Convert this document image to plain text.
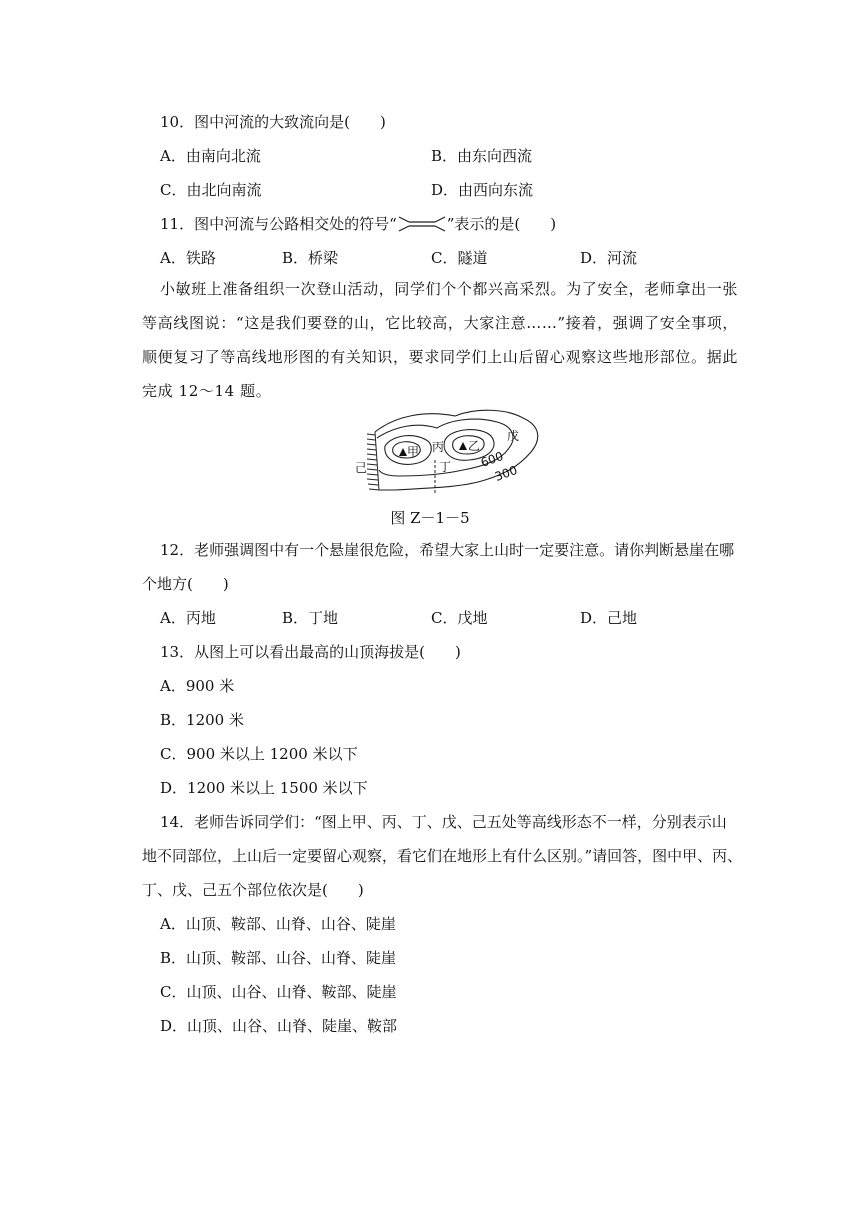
10．图中河流的大致流向是(　　)
A．由南向北流	B．由东向西流
C．由北向南流	D．由西向东流
11．图中河流与公路相交处的符号“	”表示的是(　　)
A．铁路	B．桥梁	C．隧道	D．河流
小敏班上准备组织一次登山活动，同学们个个都兴高采烈。为了安全，老师拿出一张等高线图说：“这是我们要登的山，它比较高，大家注意……”接着，强调了安全事项，顺便复习了等高线地形图的有关知识，要求同学们上山后留心观察这些地形部位。据此完成 12～14 题。
甲	乙
丙
丁
戊
己	600
300
图 Z－1－5
12．老师强调图中有一个悬崖很危险，希望大家上山时一定要注意。请你判断悬崖在哪
个地方(　　)
A．丙地	B．丁地	C．戊地	D．己地
13．从图上可以看出最高的山顶海拔是(　　)
A．900 米
B．1200 米
C．900 米以上 1200 米以下
D．1200 米以上 1500 米以下
14．老师告诉同学们：“图上甲、丙、丁、戊、己五处等高线形态不一样，分别表示山
地不同部位，上山后一定要留心观察，看它们在地形上有什么区别。”请回答，图中甲、丙、
丁、戊、己五个部位依次是(　　)
A．山顶、鞍部、山脊、山谷、陡崖
B．山顶、鞍部、山谷、山脊、陡崖
C．山顶、山谷、山脊、鞍部、陡崖
D．山顶、山谷、山脊、陡崖、鞍部
